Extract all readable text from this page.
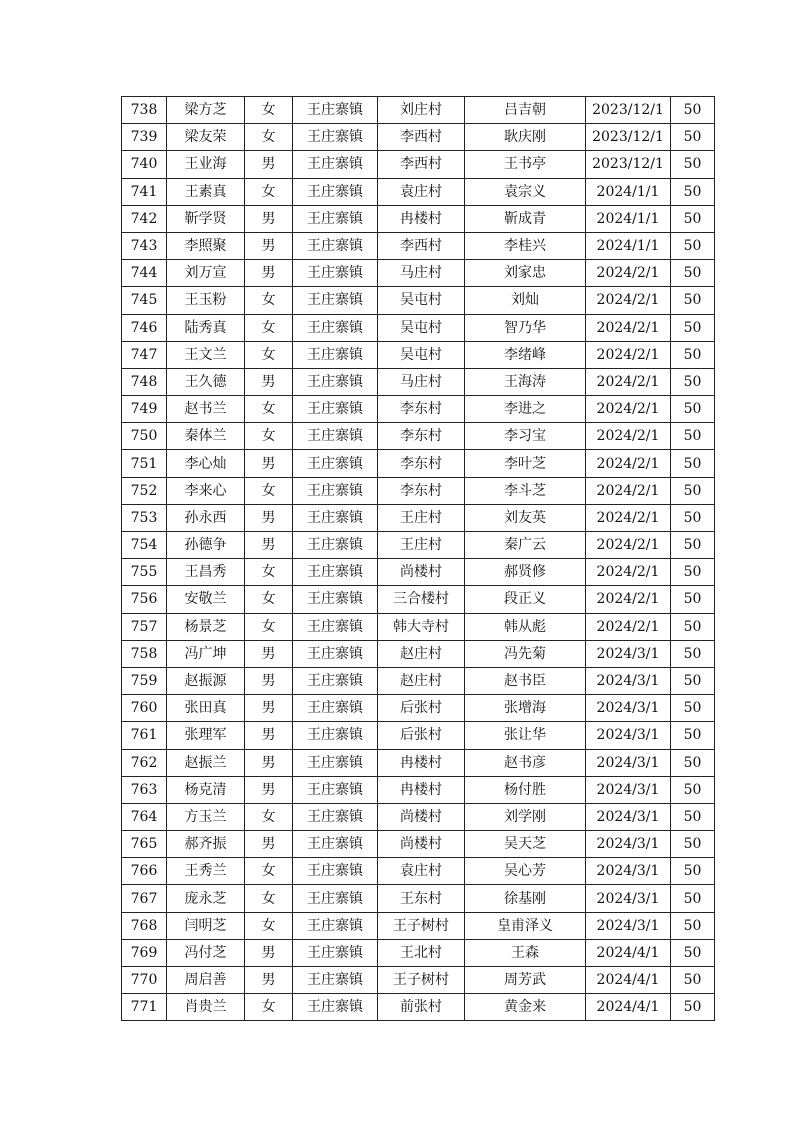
738	梁方芝	女	王庄寨镇	刘庄村	吕吉朝	2023/12/1	50
739	梁友荣	女	王庄寨镇	李西村	耿庆刚	2023/12/1	50
740	王业海	男	王庄寨镇	李西村	王书亭	2023/12/1	50
741	王素真	女	王庄寨镇	袁庄村	袁宗义	2024/1/1	50
742	靳学贤	男	王庄寨镇	冉楼村	靳成青	2024/1/1	50
743	李照聚	男	王庄寨镇	李西村	李桂兴	2024/1/1	50
744	刘万宣	男	王庄寨镇	马庄村	刘家忠	2024/2/1	50
745	王玉粉	女	王庄寨镇	吴屯村	刘灿	2024/2/1	50
746	陆秀真	女	王庄寨镇	吴屯村	智乃华	2024/2/1	50
747	王文兰	女	王庄寨镇	吴屯村	李绪峰	2024/2/1	50
748	王久德	男	王庄寨镇	马庄村	王海涛	2024/2/1	50
749	赵书兰	女	王庄寨镇	李东村	李进之	2024/2/1	50
750	秦体兰	女	王庄寨镇	李东村	李习宝	2024/2/1	50
751	李心灿	男	王庄寨镇	李东村	李叶芝	2024/2/1	50
752	李来心	女	王庄寨镇	李东村	李斗芝	2024/2/1	50
753	孙永西	男	王庄寨镇	王庄村	刘友英	2024/2/1	50
754	孙德争	男	王庄寨镇	王庄村	秦广云	2024/2/1	50
755	王昌秀	女	王庄寨镇	尚楼村	郝贤修	2024/2/1	50
756	安敬兰	女	王庄寨镇	三合楼村	段正义	2024/2/1	50
757	杨景芝	女	王庄寨镇	韩大寺村	韩从彪	2024/2/1	50
758	冯广坤	男	王庄寨镇	赵庄村	冯先菊	2024/3/1	50
759	赵振源	男	王庄寨镇	赵庄村	赵书臣	2024/3/1	50
760	张田真	男	王庄寨镇	后张村	张增海	2024/3/1	50
761	张理军	男	王庄寨镇	后张村	张让华	2024/3/1	50
762	赵振兰	男	王庄寨镇	冉楼村	赵书彦	2024/3/1	50
763	杨克清	男	王庄寨镇	冉楼村	杨付胜	2024/3/1	50
764	方玉兰	女	王庄寨镇	尚楼村	刘学刚	2024/3/1	50
765	郝齐振	男	王庄寨镇	尚楼村	吴天芝	2024/3/1	50
766	王秀兰	女	王庄寨镇	袁庄村	吴心芳	2024/3/1	50
767	庞永芝	女	王庄寨镇	王东村	徐基刚	2024/3/1	50
768	闫明芝	女	王庄寨镇	王子树村	皇甫泽义	2024/3/1	50
769	冯付芝	男	王庄寨镇	王北村	王森	2024/4/1	50
770	周启善	男	王庄寨镇	王子树村	周芳武	2024/4/1	50
771	肖贵兰	女	王庄寨镇	前张村	黄金来	2024/4/1	50
